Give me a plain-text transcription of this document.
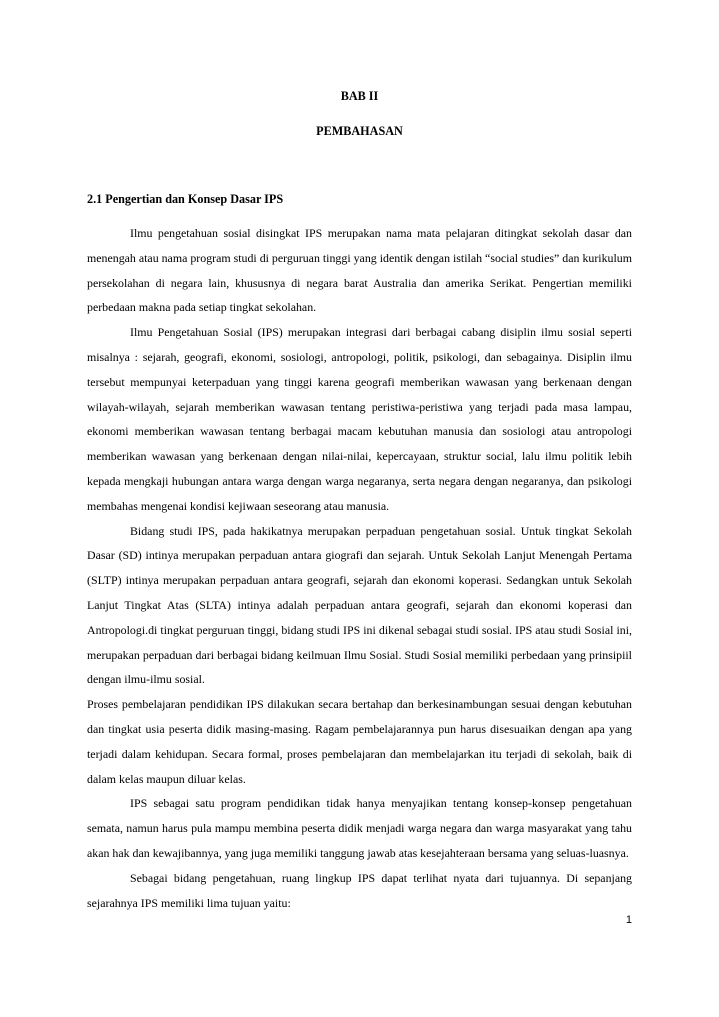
BAB II
PEMBAHASAN
2.1 Pengertian dan Konsep Dasar IPS

Ilmu pengetahuan sosial disingkat IPS merupakan nama mata pelajaran ditingkat sekolah dasar dan menengah atau nama program studi di perguruan tinggi yang identik dengan istilah “social studies” dan kurikulum persekolahan di negara lain, khususnya di negara barat Australia dan amerika Serikat. Pengertian memiliki perbedaan makna pada setiap tingkat sekolahan.

Ilmu Pengetahuan Sosial (IPS) merupakan integrasi dari berbagai cabang disiplin ilmu sosial seperti misalnya : sejarah, geografi, ekonomi, sosiologi, antropologi, politik, psikologi, dan sebagainya. Disiplin ilmu tersebut mempunyai keterpaduan yang tinggi karena geografi memberikan wawasan yang berkenaan dengan wilayah-wilayah, sejarah memberikan wawasan tentang peristiwa-peristiwa yang terjadi pada masa lampau, ekonomi memberikan wawasan tentang berbagai macam kebutuhan manusia dan sosiologi atau antropologi memberikan wawasan yang berkenaan dengan nilai-nilai, kepercayaan, struktur social, lalu ilmu politik lebih kepada mengkaji hubungan antara warga dengan warga negaranya, serta negara dengan negaranya, dan psikologi membahas mengenai kondisi kejiwaan seseorang atau manusia.

Bidang studi IPS, pada hakikatnya merupakan perpaduan pengetahuan sosial. Untuk tingkat Sekolah Dasar (SD) intinya merupakan perpaduan antara giografi dan sejarah. Untuk Sekolah Lanjut Menengah Pertama (SLTP) intinya merupakan perpaduan antara geografi, sejarah dan ekonomi koperasi. Sedangkan untuk Sekolah Lanjut Tingkat Atas (SLTA) intinya adalah perpaduan antara geografi, sejarah dan ekonomi koperasi dan Antropologi.di tingkat perguruan tinggi, bidang studi IPS ini dikenal sebagai studi sosial. IPS atau studi Sosial ini, merupakan perpaduan dari berbagai bidang keilmuan Ilmu Sosial. Studi Sosial memiliki perbedaan yang prinsipiil dengan ilmu-ilmu sosial.

Proses pembelajaran pendidikan IPS dilakukan secara bertahap dan berkesinambungan sesuai dengan kebutuhan dan tingkat usia peserta didik masing-masing. Ragam pembelajarannya pun harus disesuaikan dengan apa yang terjadi dalam kehidupan. Secara formal, proses pembelajaran dan membelajarkan itu terjadi di sekolah, baik di dalam kelas maupun diluar kelas.

IPS sebagai satu program pendidikan tidak hanya menyajikan tentang konsep-konsep pengetahuan semata, namun harus pula mampu membina peserta didik menjadi warga negara dan warga masyarakat yang tahu akan hak dan kewajibannya, yang juga memiliki tanggung jawab atas kesejahteraan bersama yang seluas-luasnya.

Sebagai bidang pengetahuan, ruang lingkup IPS dapat terlihat nyata dari tujuannya. Di sepanjang sejarahnya IPS memiliki lima tujuan yaitu:

1
